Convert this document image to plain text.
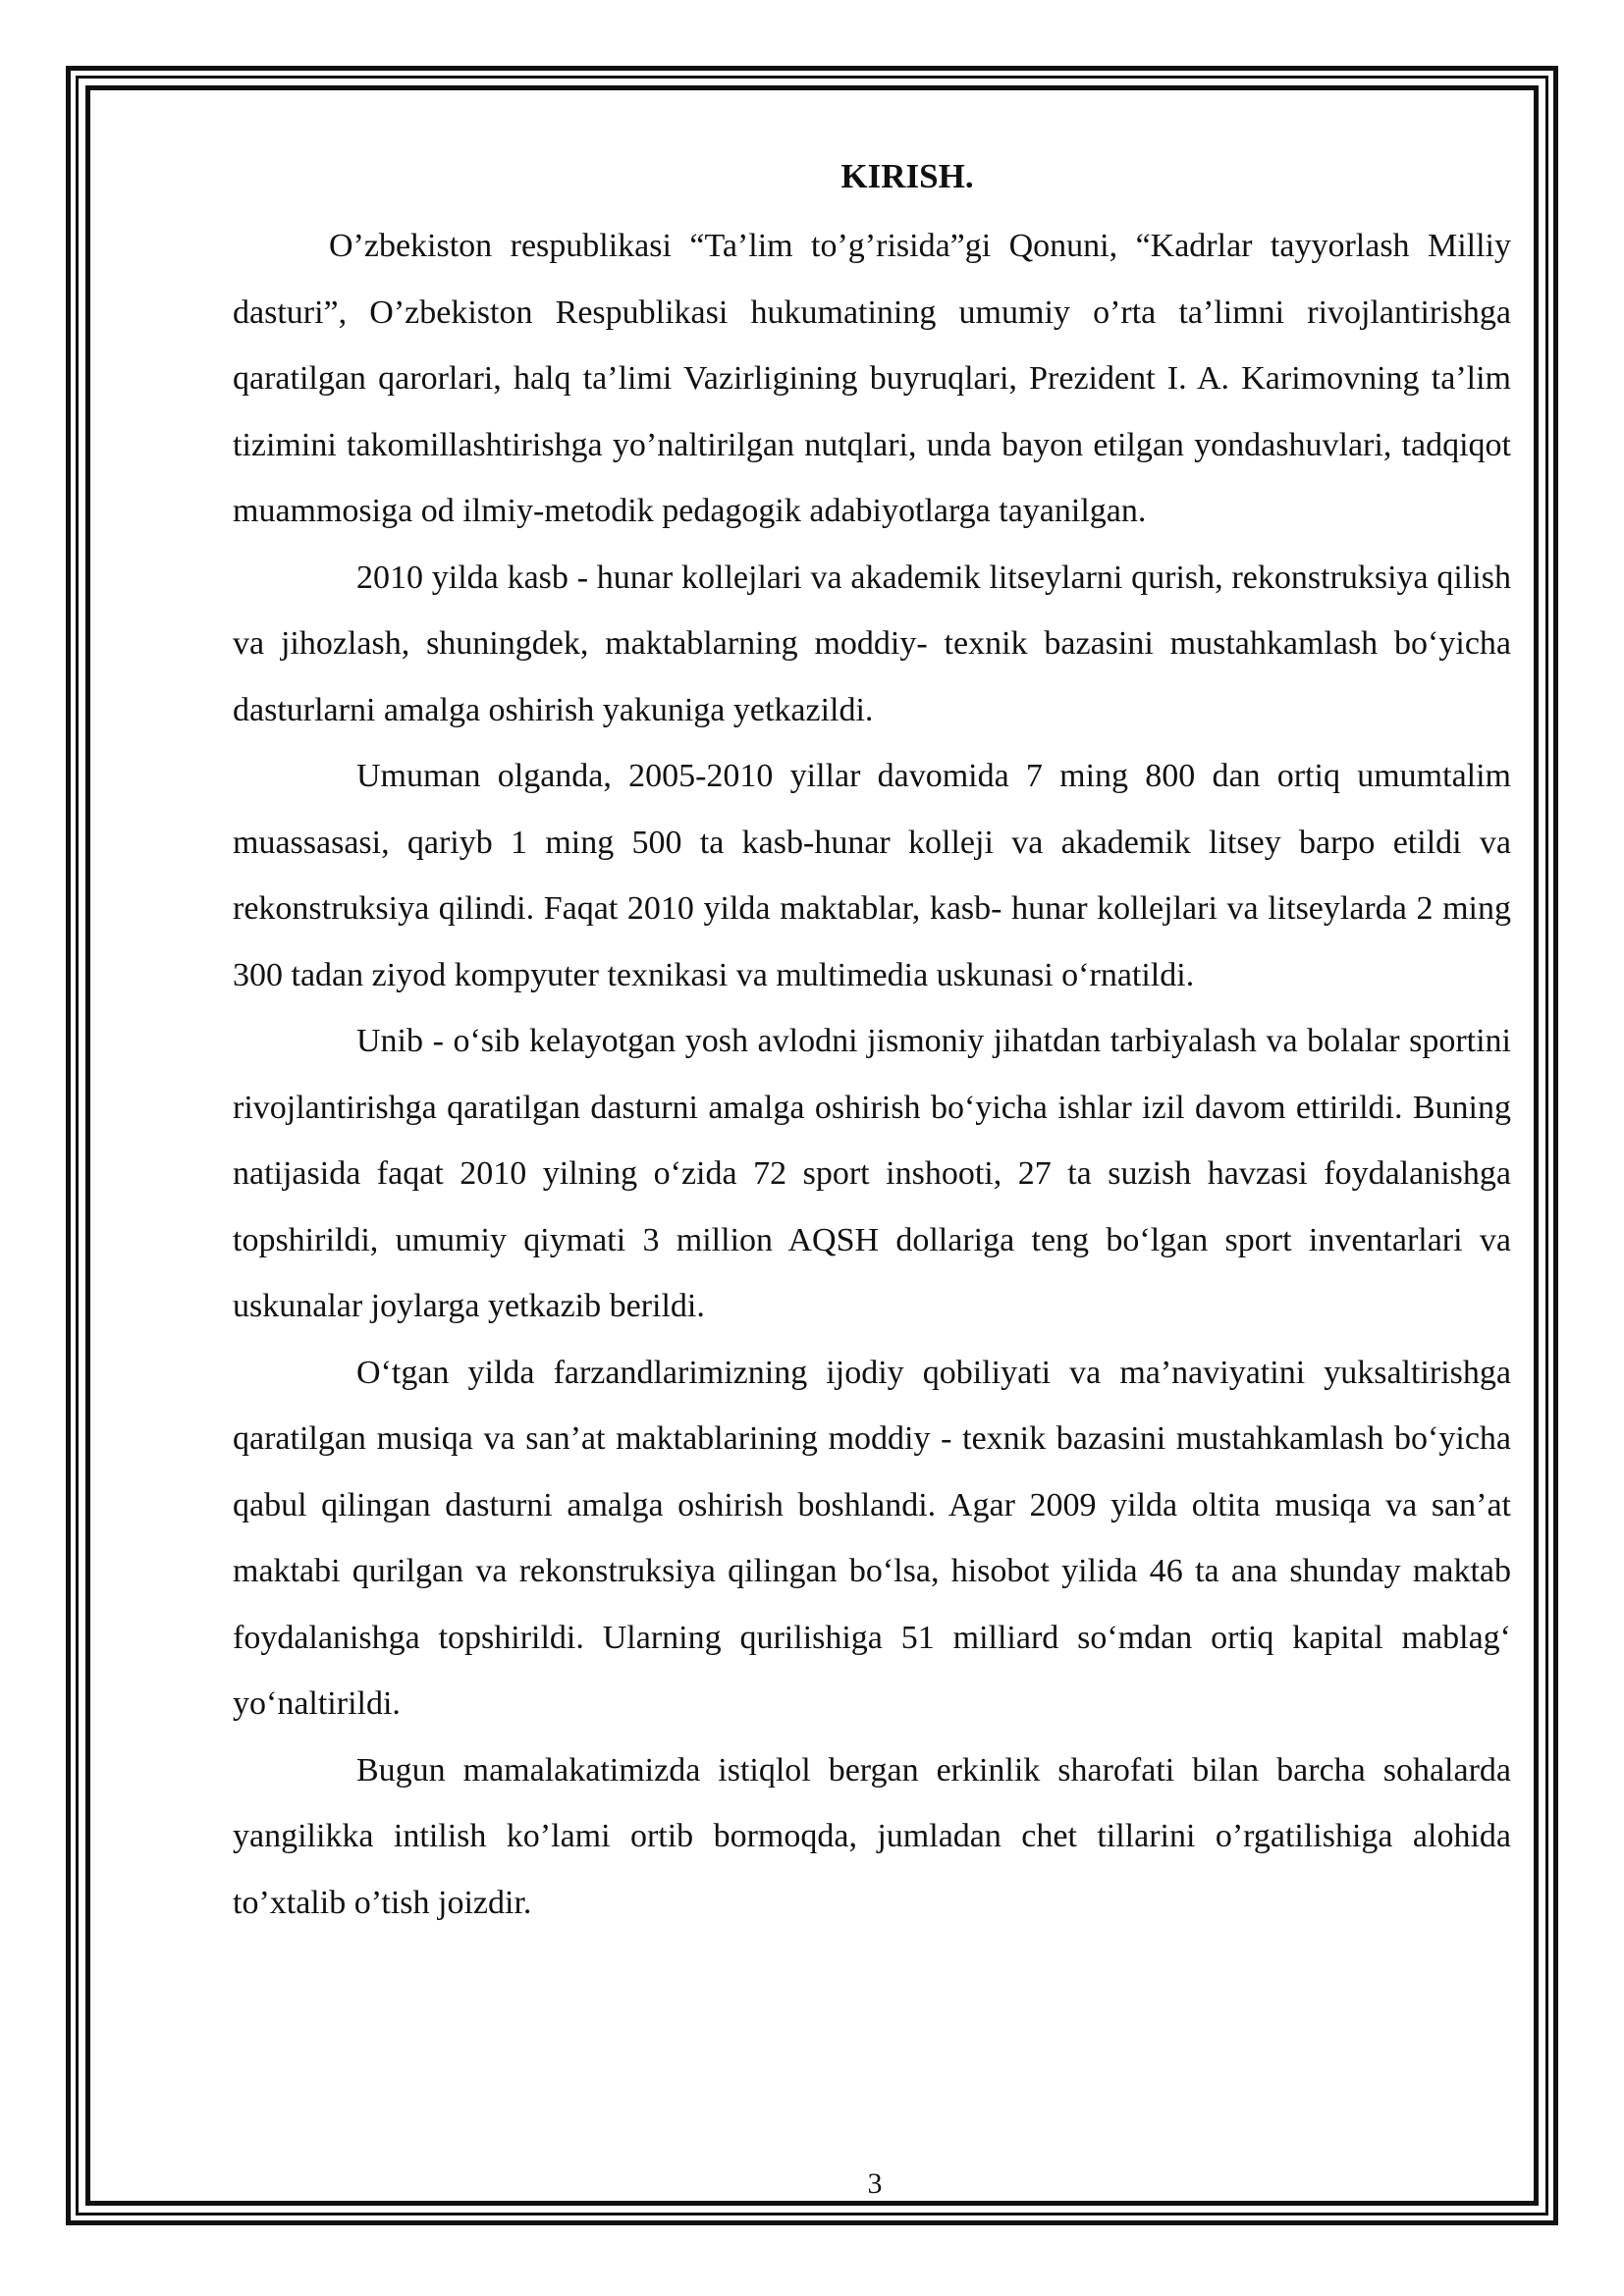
KIRISH.

O’zbekiston respublikasi “Ta’lim to’g’risida”gi Qonuni, “Kadrlar tayyorlash Milliy dasturi”, O’zbekiston Respublikasi hukumatining umumiy o’rta ta’limni rivojlantirishga qaratilgan qarorlari, halq ta’limi Vazirligining buyruqlari, Prezident I. A. Karimovning ta’lim tizimini takomillashtirishga yo’naltirilgan nutqlari, unda bayon etilgan yondashuvlari, tadqiqot muammosiga od ilmiy-metodik pedagogik adabiyotlarga tayanilgan.

2010 yilda kasb - hunar kollejlari va akademik litseylarni qurish, rekonstruksiya qilish va jihozlash, shuningdek, maktablarning moddiy- texnik bazasini mustahkamlash bo‘yicha dasturlarni amalga oshirish yakuniga yetkazildi.

Umuman olganda, 2005-2010 yillar davomida 7 ming 800 dan ortiq umumtalim muassasasi, qariyb 1 ming 500 ta kasb-hunar kolleji va akademik litsey barpo etildi va rekonstruksiya qilindi. Faqat 2010 yilda maktablar, kasb- hunar kollejlari va litseylarda 2 ming 300 tadan ziyod kompyuter texnikasi va multimedia uskunasi o‘rnatildi.

Unib - o‘sib kelayotgan yosh avlodni jismoniy jihatdan tarbiyalash va bolalar sportini rivojlantirishga qaratilgan dasturni amalga oshirish bo‘yicha ishlar izil davom ettirildi. Buning natijasida faqat 2010 yilning o‘zida 72 sport inshooti, 27 ta suzish havzasi foydalanishga topshirildi, umumiy qiymati 3 million AQSH dollariga teng bo‘lgan sport inventarlari va uskunalar joylarga yetkazib berildi.

O‘tgan yilda farzandlarimizning ijodiy qobiliyati va ma’naviyatini yuksaltirishga qaratilgan musiqa va san’at maktablarining moddiy - texnik bazasini mustahkamlash bo‘yicha qabul qilingan dasturni amalga oshirish boshlandi. Agar 2009 yilda oltita musiqa va san’at maktabi qurilgan va rekonstruksiya qilingan bo‘lsa, hisobot yilida 46 ta ana shunday maktab foydalanishga topshirildi. Ularning qurilishiga 51 milliard so‘mdan ortiq kapital mablag‘ yo‘naltirildi.

Bugun mamalakatimizda istiqlol bergan erkinlik sharofati bilan barcha sohalarda yangilikka intilish ko’lami ortib bormoqda, jumladan chet tillarini o’rgatilishiga alohida to’xtalib o’tish joizdir.

3
